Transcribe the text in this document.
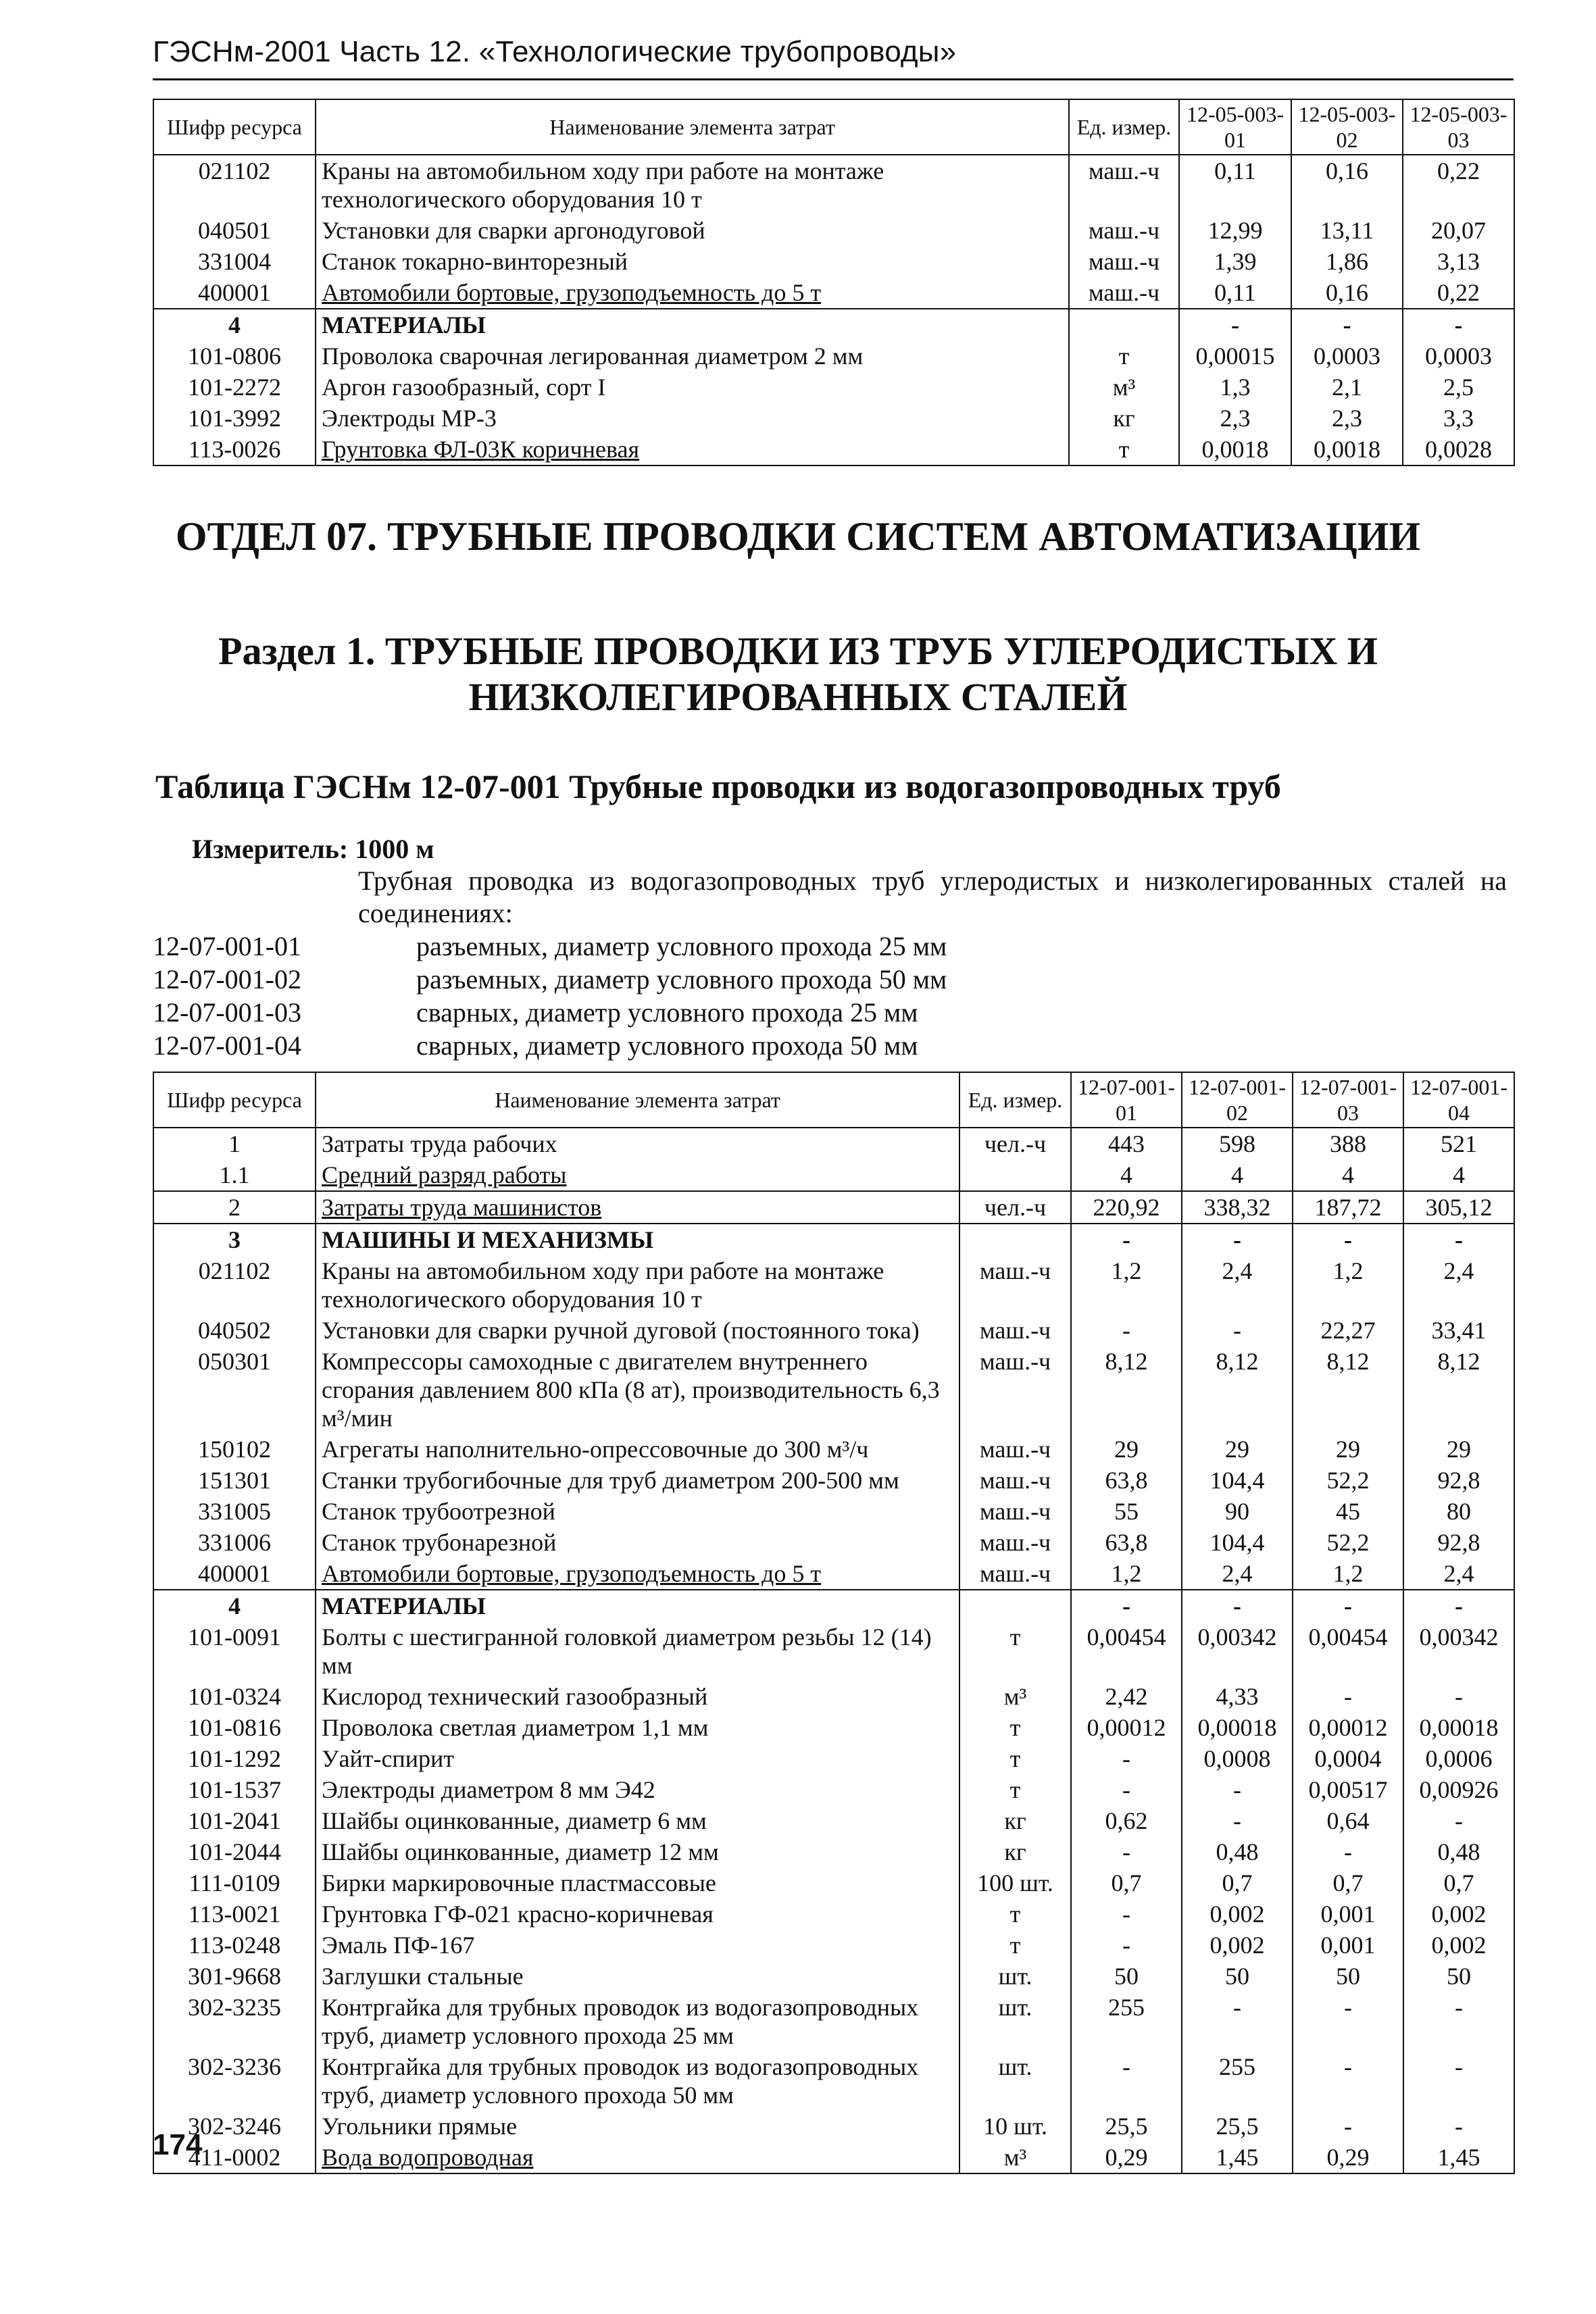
ГЭСНм-2001 Часть 12. «Технологические трубопроводы»
Шифр ресурса	Наименование элемента затрат	Ед. измер.	12-05-003-01	12-05-003-02	12-05-003-03
021102	Краны на автомобильном ходу при работе на монтаже технологического оборудования 10 т	маш.-ч	0,11	0,16	0,22
040501	Установки для сварки аргонодуговой	маш.-ч	12,99	13,11	20,07
331004	Станок токарно-винторезный	маш.-ч	1,39	1,86	3,13
400001	Автомобили бортовые, грузоподъемность до 5 т	маш.-ч	0,11	0,16	0,22
4	МАТЕРИАЛЫ		-	-	-
101-0806	Проволока сварочная легированная диаметром 2 мм	т	0,00015	0,0003	0,0003
101-2272	Аргон газообразный, сорт I	м³	1,3	2,1	2,5
101-3992	Электроды МР-3	кг	2,3	2,3	3,3
113-0026	Грунтовка ФЛ-03К коричневая	т	0,0018	0,0018	0,0028
ОТДЕЛ 07. ТРУБНЫЕ ПРОВОДКИ СИСТЕМ АВТОМАТИЗАЦИИ
Раздел 1. ТРУБНЫЕ ПРОВОДКИ ИЗ ТРУБ УГЛЕРОДИСТЫХ И
НИЗКОЛЕГИРОВАННЫХ СТАЛЕЙ
Таблица ГЭСНм 12-07-001 Трубные проводки из водогазопроводных труб
Измеритель: 1000 м
Трубная проводка из водогазопроводных труб углеродистых и низколегированных сталей на соединениях:
12-07-001-01	разъемных, диаметр условного прохода 25 мм
12-07-001-02	разъемных, диаметр условного прохода 50 мм
12-07-001-03	сварных, диаметр условного прохода 25 мм
12-07-001-04	сварных, диаметр условного прохода 50 мм
Шифр ресурса	Наименование элемента затрат	Ед. измер.	12-07-001-01	12-07-001-02	12-07-001-03	12-07-001-04
1	Затраты труда рабочих	чел.-ч	443	598	388	521
1.1	Средний разряд работы		4	4	4	4
2	Затраты труда машинистов	чел.-ч	220,92	338,32	187,72	305,12
3	МАШИНЫ И МЕХАНИЗМЫ		-	-	-	-
021102	Краны на автомобильном ходу при работе на монтаже технологического оборудования 10 т	маш.-ч	1,2	2,4	1,2	2,4
040502	Установки для сварки ручной дуговой (постоянного тока)	маш.-ч	-	-	22,27	33,41
050301	Компрессоры самоходные с двигателем внутреннего сгорания давлением 800 кПа (8 ат), производительность 6,3 м³/мин	маш.-ч	8,12	8,12	8,12	8,12
150102	Агрегаты наполнительно-опрессовочные до 300 м³/ч	маш.-ч	29	29	29	29
151301	Станки трубогибочные для труб диаметром 200-500 мм	маш.-ч	63,8	104,4	52,2	92,8
331005	Станок трубоотрезной	маш.-ч	55	90	45	80
331006	Станок трубонарезной	маш.-ч	63,8	104,4	52,2	92,8
400001	Автомобили бортовые, грузоподъемность до 5 т	маш.-ч	1,2	2,4	1,2	2,4
4	МАТЕРИАЛЫ		-	-	-	-
101-0091	Болты с шестигранной головкой диаметром резьбы 12 (14) мм	т	0,00454	0,00342	0,00454	0,00342
101-0324	Кислород технический газообразный	м³	2,42	4,33	-	-
101-0816	Проволока светлая диаметром 1,1 мм	т	0,00012	0,00018	0,00012	0,00018
101-1292	Уайт-спирит	т	-	0,0008	0,0004	0,0006
101-1537	Электроды диаметром 8 мм Э42	т	-	-	0,00517	0,00926
101-2041	Шайбы оцинкованные, диаметр 6 мм	кг	0,62	-	0,64	-
101-2044	Шайбы оцинкованные, диаметр 12 мм	кг	-	0,48	-	0,48
111-0109	Бирки маркировочные пластмассовые	100 шт.	0,7	0,7	0,7	0,7
113-0021	Грунтовка ГФ-021 красно-коричневая	т	-	0,002	0,001	0,002
113-0248	Эмаль ПФ-167	т	-	0,002	0,001	0,002
301-9668	Заглушки стальные	шт.	50	50	50	50
302-3235	Контргайка для трубных проводок из водогазопроводных труб, диаметр условного прохода 25 мм	шт.	255	-	-	-
302-3236	Контргайка для трубных проводок из водогазопроводных труб, диаметр условного прохода 50 мм	шт.	-	255	-	-
302-3246	Угольники прямые	10 шт.	25,5	25,5	-	-
411-0002	Вода водопроводная	м³	0,29	1,45	0,29	1,45
174
